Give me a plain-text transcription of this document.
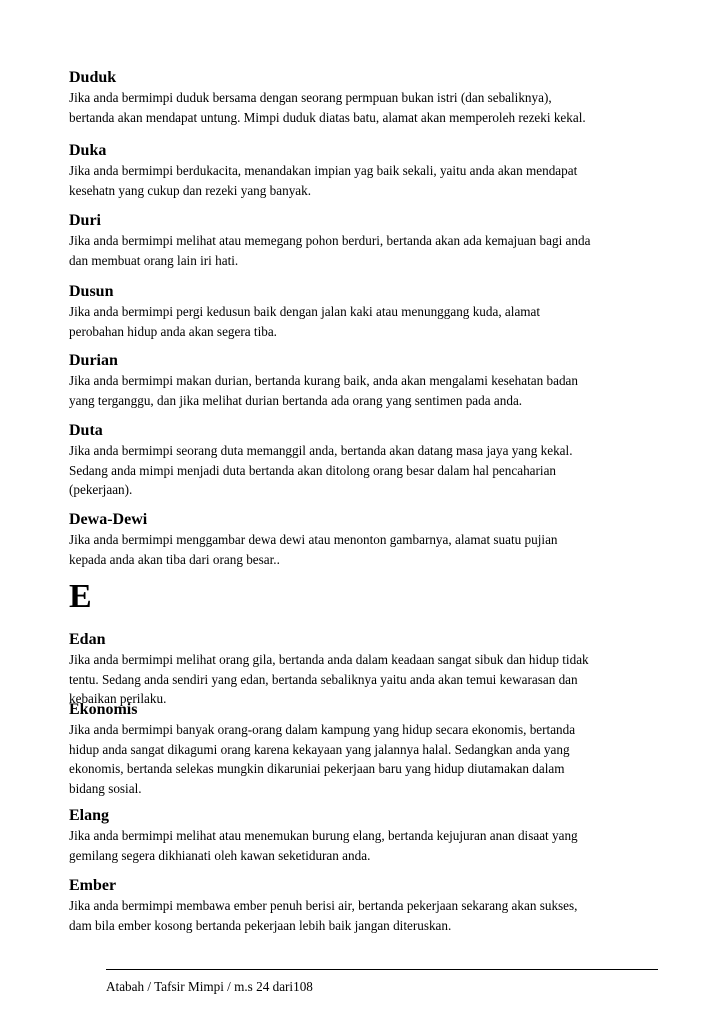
Duduk

Jika anda bermimpi duduk bersama dengan seorang permpuan bukan istri (dan sebaliknya),
bertanda akan mendapat untung. Mimpi duduk diatas batu, alamat akan memperoleh rezeki kekal.

Duka

Jika anda bermimpi berdukacita, menandakan impian yag baik sekali, yaitu anda akan mendapat
kesehatn yang cukup dan rezeki yang banyak.

Duri

Jika anda bermimpi melihat atau memegang pohon berduri, bertanda akan ada kemajuan bagi anda
dan membuat orang lain iri hati.

Dusun

Jika anda bermimpi pergi kedusun baik dengan jalan kaki atau menunggang kuda, alamat
perobahan hidup anda akan segera tiba.

Durian

Jika anda bermimpi makan durian, bertanda kurang baik, anda akan mengalami kesehatan badan
yang terganggu, dan jika melihat durian bertanda ada orang yang sentimen pada anda.

Duta

Jika anda bermimpi seorang duta memanggil anda, bertanda akan datang masa jaya yang kekal.
Sedang anda mimpi menjadi duta bertanda akan ditolong orang besar dalam hal pencaharian
(pekerjaan).

Dewa-Dewi

Jika anda bermimpi menggambar dewa dewi atau menonton gambarnya, alamat suatu pujian
kepada anda akan tiba dari orang besar..

E

Edan

Jika anda bermimpi melihat orang gila, bertanda anda dalam keadaan sangat sibuk dan hidup tidak
tentu. Sedang anda sendiri yang edan, bertanda sebaliknya yaitu anda akan temui kewarasan dan
kebaikan perilaku.

Ekonomis

Jika anda bermimpi banyak orang-orang dalam kampung yang hidup secara ekonomis, bertanda
hidup anda sangat dikagumi orang karena kekayaan yang jalannya halal. Sedangkan anda yang
ekonomis, bertanda selekas mungkin dikaruniai pekerjaan baru yang hidup diutamakan dalam
bidang sosial.

Elang

Jika anda bermimpi melihat atau menemukan burung elang, bertanda kejujuran anan disaat yang
gemilang segera dikhianati oleh kawan seketiduran anda.

Ember

Jika anda bermimpi membawa ember penuh berisi air, bertanda pekerjaan sekarang akan sukses,
dam bila ember kosong bertanda pekerjaan lebih baik jangan diteruskan.

Atabah / Tafsir Mimpi / m.s 24 dari108
